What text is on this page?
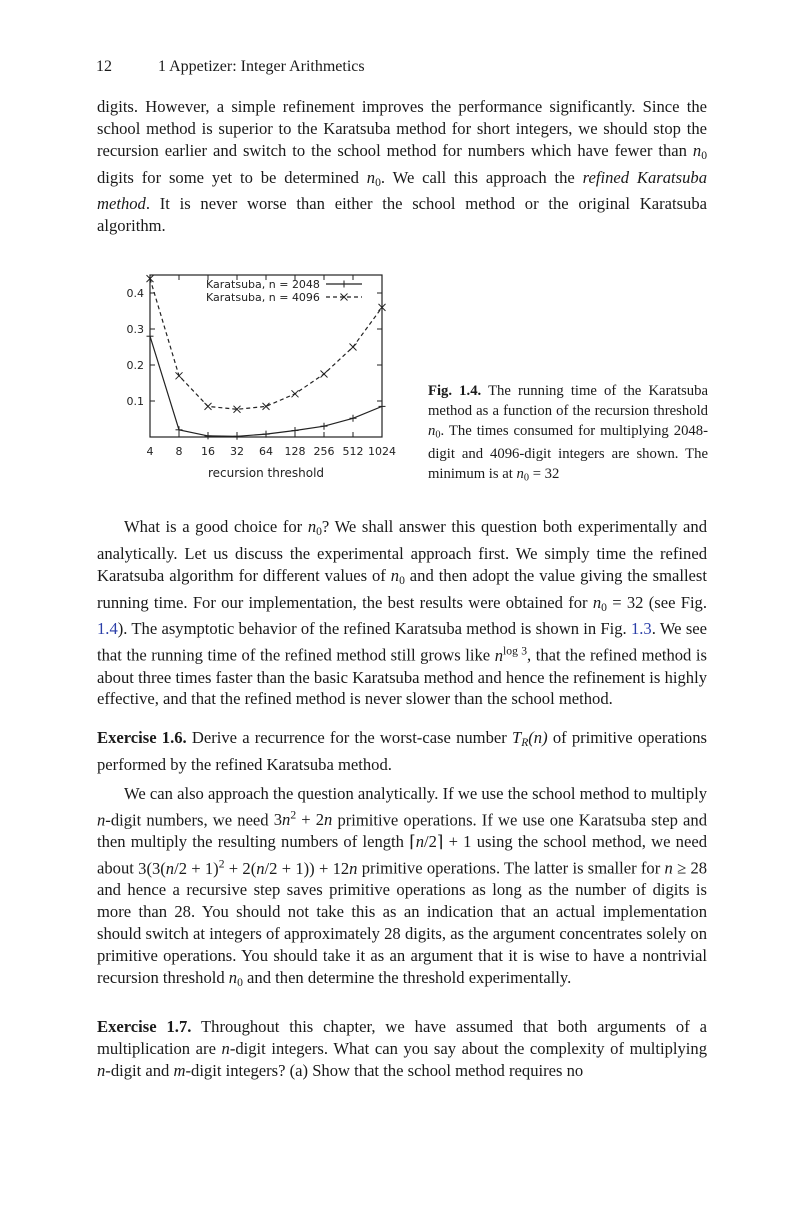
12	1 Appetizer: Integer Arithmetics

digits. However, a simple refinement improves the performance significantly. Since the school method is superior to the Karatsuba method for short integers, we should stop the recursion earlier and switch to the school method for numbers which have fewer than $n_0$ digits for some yet to be determined $n_0$. We call this approach the refined Karatsuba method. It is never worse than either the school method or the original Karatsuba algorithm.

0.1
0.2
0.3
0.4
4 8 16 32 64 128 256 512 1024
Karatsuba, n = 2048
Karatsuba, n = 4096
recursion threshold
Fig. 1.4. The running time of the Karatsuba method as a function of the recursion threshold $n_0$. The times consumed for multiplying 2048-digit and 4096-digit integers are shown. The minimum is at $n_0 = 32$

What is a good choice for $n_0$? We shall answer this question both experimentally and analytically. Let us discuss the experimental approach first. We simply time the refined Karatsuba algorithm for different values of $n_0$ and then adopt the value giving the smallest running time. For our implementation, the best results were obtained for $n_0 = 32$ (see Fig. 1.4). The asymptotic behavior of the refined Karatsuba method is shown in Fig. 1.3. We see that the running time of the refined method still grows like $n^{log 3}$, that the refined method is about three times faster than the basic Karatsuba method and hence the refinement is highly effective, and that the refined method is never slower than the school method.

Exercise 1.6. Derive a recurrence for the worst-case number $T_R(n)$ of primitive operations performed by the refined Karatsuba method.

We can also approach the question analytically. If we use the school method to multiply n-digit numbers, we need $3n^2 + 2n$ primitive operations. If we use one Karatsuba step and then multiply the resulting numbers of length ⌈n/2⌉ + 1 using the school method, we need about $3(3(n/2 + 1)^2 + 2(n/2 + 1)) + 12n$ primitive operations. The latter is smaller for n ≥ 28 and hence a recursive step saves primitive operations as long as the number of digits is more than 28. You should not take this as an indication that an actual implementation should switch at integers of approximately 28 digits, as the argument concentrates solely on primitive operations. You should take it as an argument that it is wise to have a nontrivial recursion threshold $n_0$ and then determine the threshold experimentally.

Exercise 1.7. Throughout this chapter, we have assumed that both arguments of a multiplication are n-digit integers. What can you say about the complexity of multiplying n-digit and m-digit integers? (a) Show that the school method requires no
